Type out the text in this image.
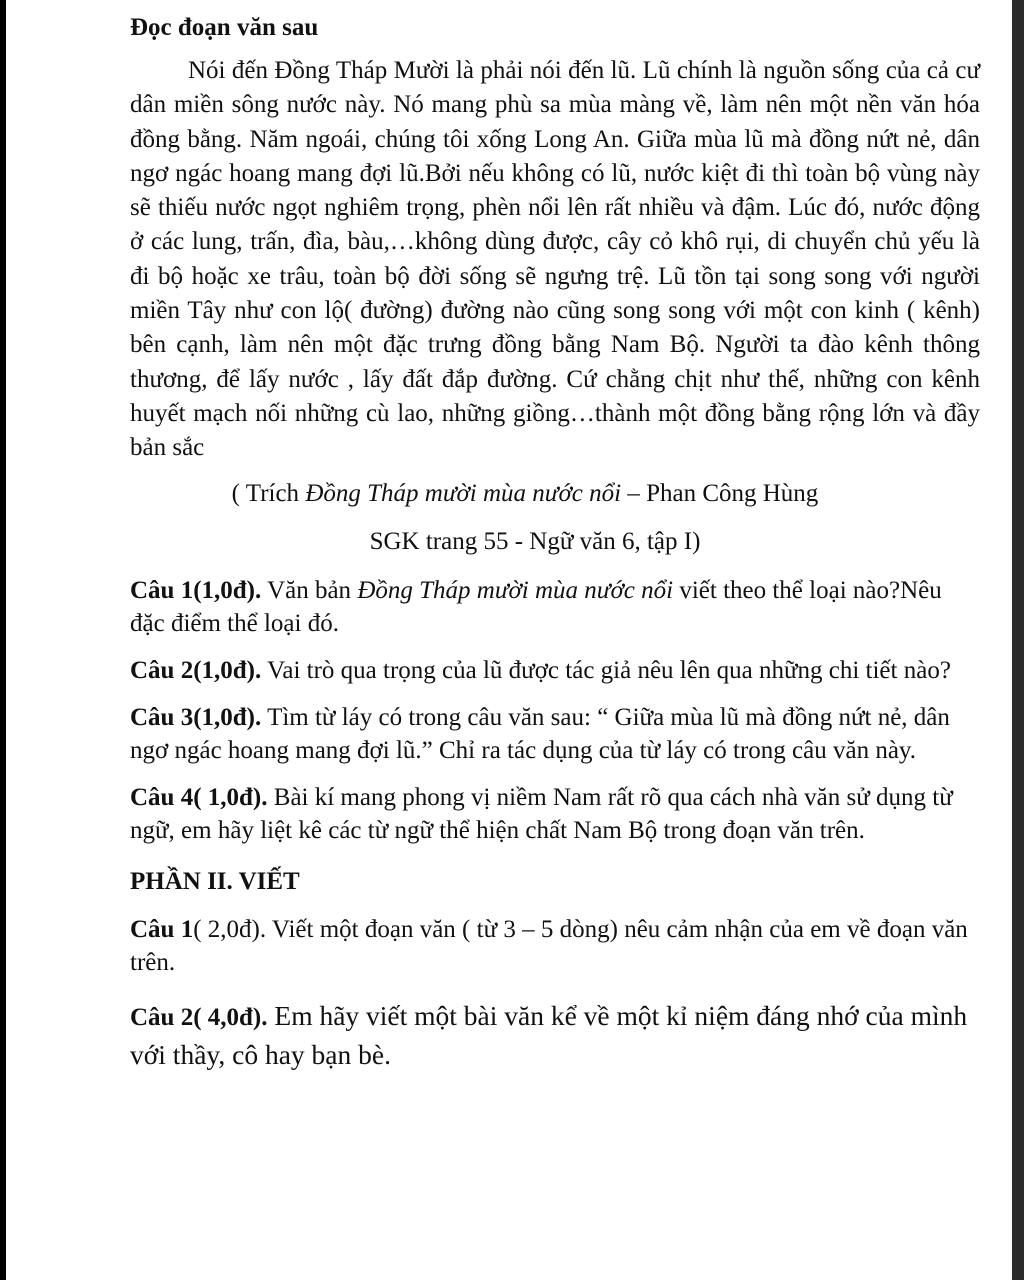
Đọc đoạn văn sau

Nói đến Đồng Tháp Mười là phải nói đến lũ. Lũ chính là nguồn sống của cả cư dân miền sông nước này. Nó mang phù sa mùa màng về, làm nên một nền văn hóa đồng bằng. Năm ngoái, chúng tôi xống Long An. Giữa mùa lũ mà đồng nứt nẻ, dân ngơ ngác hoang mang đợi lũ.Bởi nếu không có lũ, nước kiệt đi thì toàn bộ vùng này sẽ thiếu nước ngọt nghiêm trọng, phèn nổi lên rất nhiều và đậm. Lúc đó, nước động ở các lung, trấn, đìa, bàu,…không dùng được, cây cỏ khô rụi, di chuyển chủ yếu là đi bộ hoặc xe trâu, toàn bộ đời sống sẽ ngưng trệ. Lũ tồn tại song song với người miền Tây như con lộ( đường) đường nào cũng song song với một con kinh ( kênh) bên cạnh, làm nên một đặc trưng đồng bằng Nam Bộ. Người ta đào kênh thông thương, để lấy nước , lấy đất đắp đường. Cứ chằng chịt như thế, những con kênh huyết mạch nối những cù lao, những giồng…thành một đồng bằng rộng lớn và đầy bản sắc

( Trích Đồng Tháp mười mùa nước nổi – Phan Công Hùng

SGK trang 55 - Ngữ văn 6, tập I)

Câu 1(1,0đ). Văn bản Đồng Tháp mười mùa nước nổi viết theo thể loại nào?Nêu đặc điểm thể loại đó.

Câu 2(1,0đ). Vai trò qua trọng của lũ được tác giả nêu lên qua những chi tiết nào?

Câu 3(1,0đ). Tìm từ láy có trong câu văn sau: “ Giữa mùa lũ mà đồng nứt nẻ, dân ngơ ngác hoang mang đợi lũ.” Chỉ ra tác dụng của từ láy có trong câu văn này.

Câu 4( 1,0đ). Bài kí mang phong vị niềm Nam rất rõ qua cách nhà văn sử dụng từ ngữ, em hãy liệt kê các từ ngữ thể hiện chất Nam Bộ trong đoạn văn trên.

PHẦN II. VIẾT

Câu 1( 2,0đ). Viết một đoạn văn ( từ 3 – 5 dòng) nêu cảm nhận của em về đoạn văn trên.

Câu 2( 4,0đ). Em hãy viết một bài văn kể về một kỉ niệm đáng nhớ của mình với thầy, cô hay bạn bè.
